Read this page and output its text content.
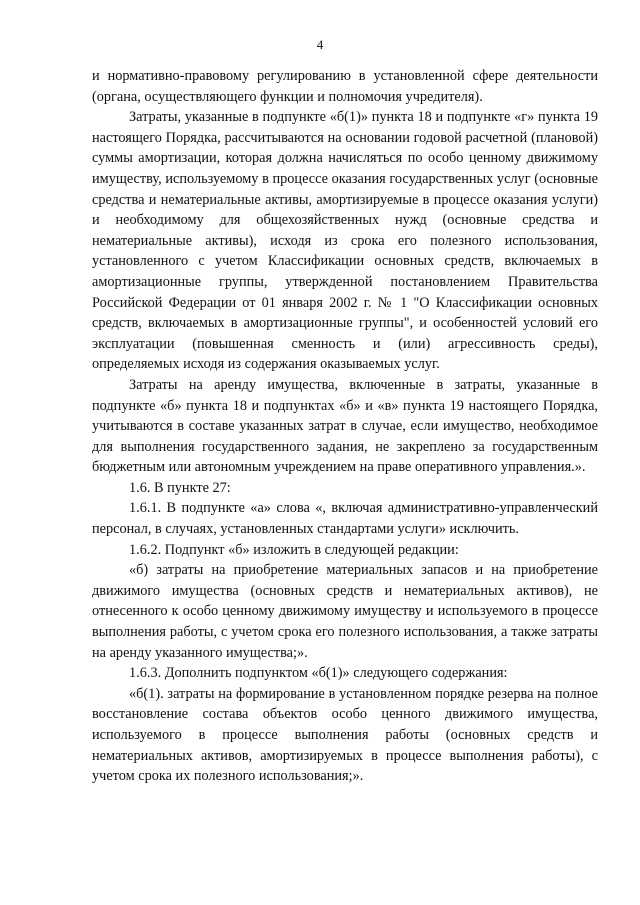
4

и нормативно-правовому регулированию в установленной сфере деятельности (органа, осуществляющего функции и полномочия учредителя).

Затраты, указанные в подпункте «б(1)» пункта 18 и подпункте «г» пункта 19 настоящего Порядка, рассчитываются на основании годовой расчетной (плановой) суммы амортизации, которая должна начисляться по особо ценному движимому имуществу, используемому в процессе оказания государственных услуг (основные средства и нематериальные активы, амортизируемые в процессе оказания услуги) и необходимому для общехозяйственных нужд (основные средства и нематериальные активы), исходя из срока его полезного использования, установленного с учетом Классификации основных средств, включаемых в амортизационные группы, утвержденной постановлением Правительства Российской Федерации от 01 января 2002 г. № 1 "О Классификации основных средств, включаемых в амортизационные группы", и особенностей условий его эксплуатации (повышенная сменность и (или) агрессивность среды), определяемых исходя из содержания оказываемых услуг.

Затраты на аренду имущества, включенные в затраты, указанные в подпункте «б» пункта 18 и подпунктах «б» и «в» пункта 19 настоящего Порядка, учитываются в составе указанных затрат в случае, если имущество, необходимое для выполнения государственного задания, не закреплено за государственным бюджетным или автономным учреждением на праве оперативного управления.».

1.6. В пункте 27:

1.6.1. В подпункте «а» слова «, включая административно-управленческий персонал, в случаях, установленных стандартами услуги» исключить.

1.6.2. Подпункт «б» изложить в следующей редакции:

«б) затраты на приобретение материальных запасов и на приобретение движимого имущества (основных средств и нематериальных активов), не отнесенного к особо ценному движимому имуществу и используемого в процессе выполнения работы, с учетом срока его полезного использования, а также затраты на аренду указанного имущества;».

1.6.3. Дополнить подпунктом «б(1)» следующего содержания:

«б(1). затраты на формирование в установленном порядке резерва на полное восстановление состава объектов особо ценного движимого имущества, используемого в процессе выполнения работы (основных средств и нематериальных активов, амортизируемых в процессе выполнения работы), с учетом срока их полезного использования;».
